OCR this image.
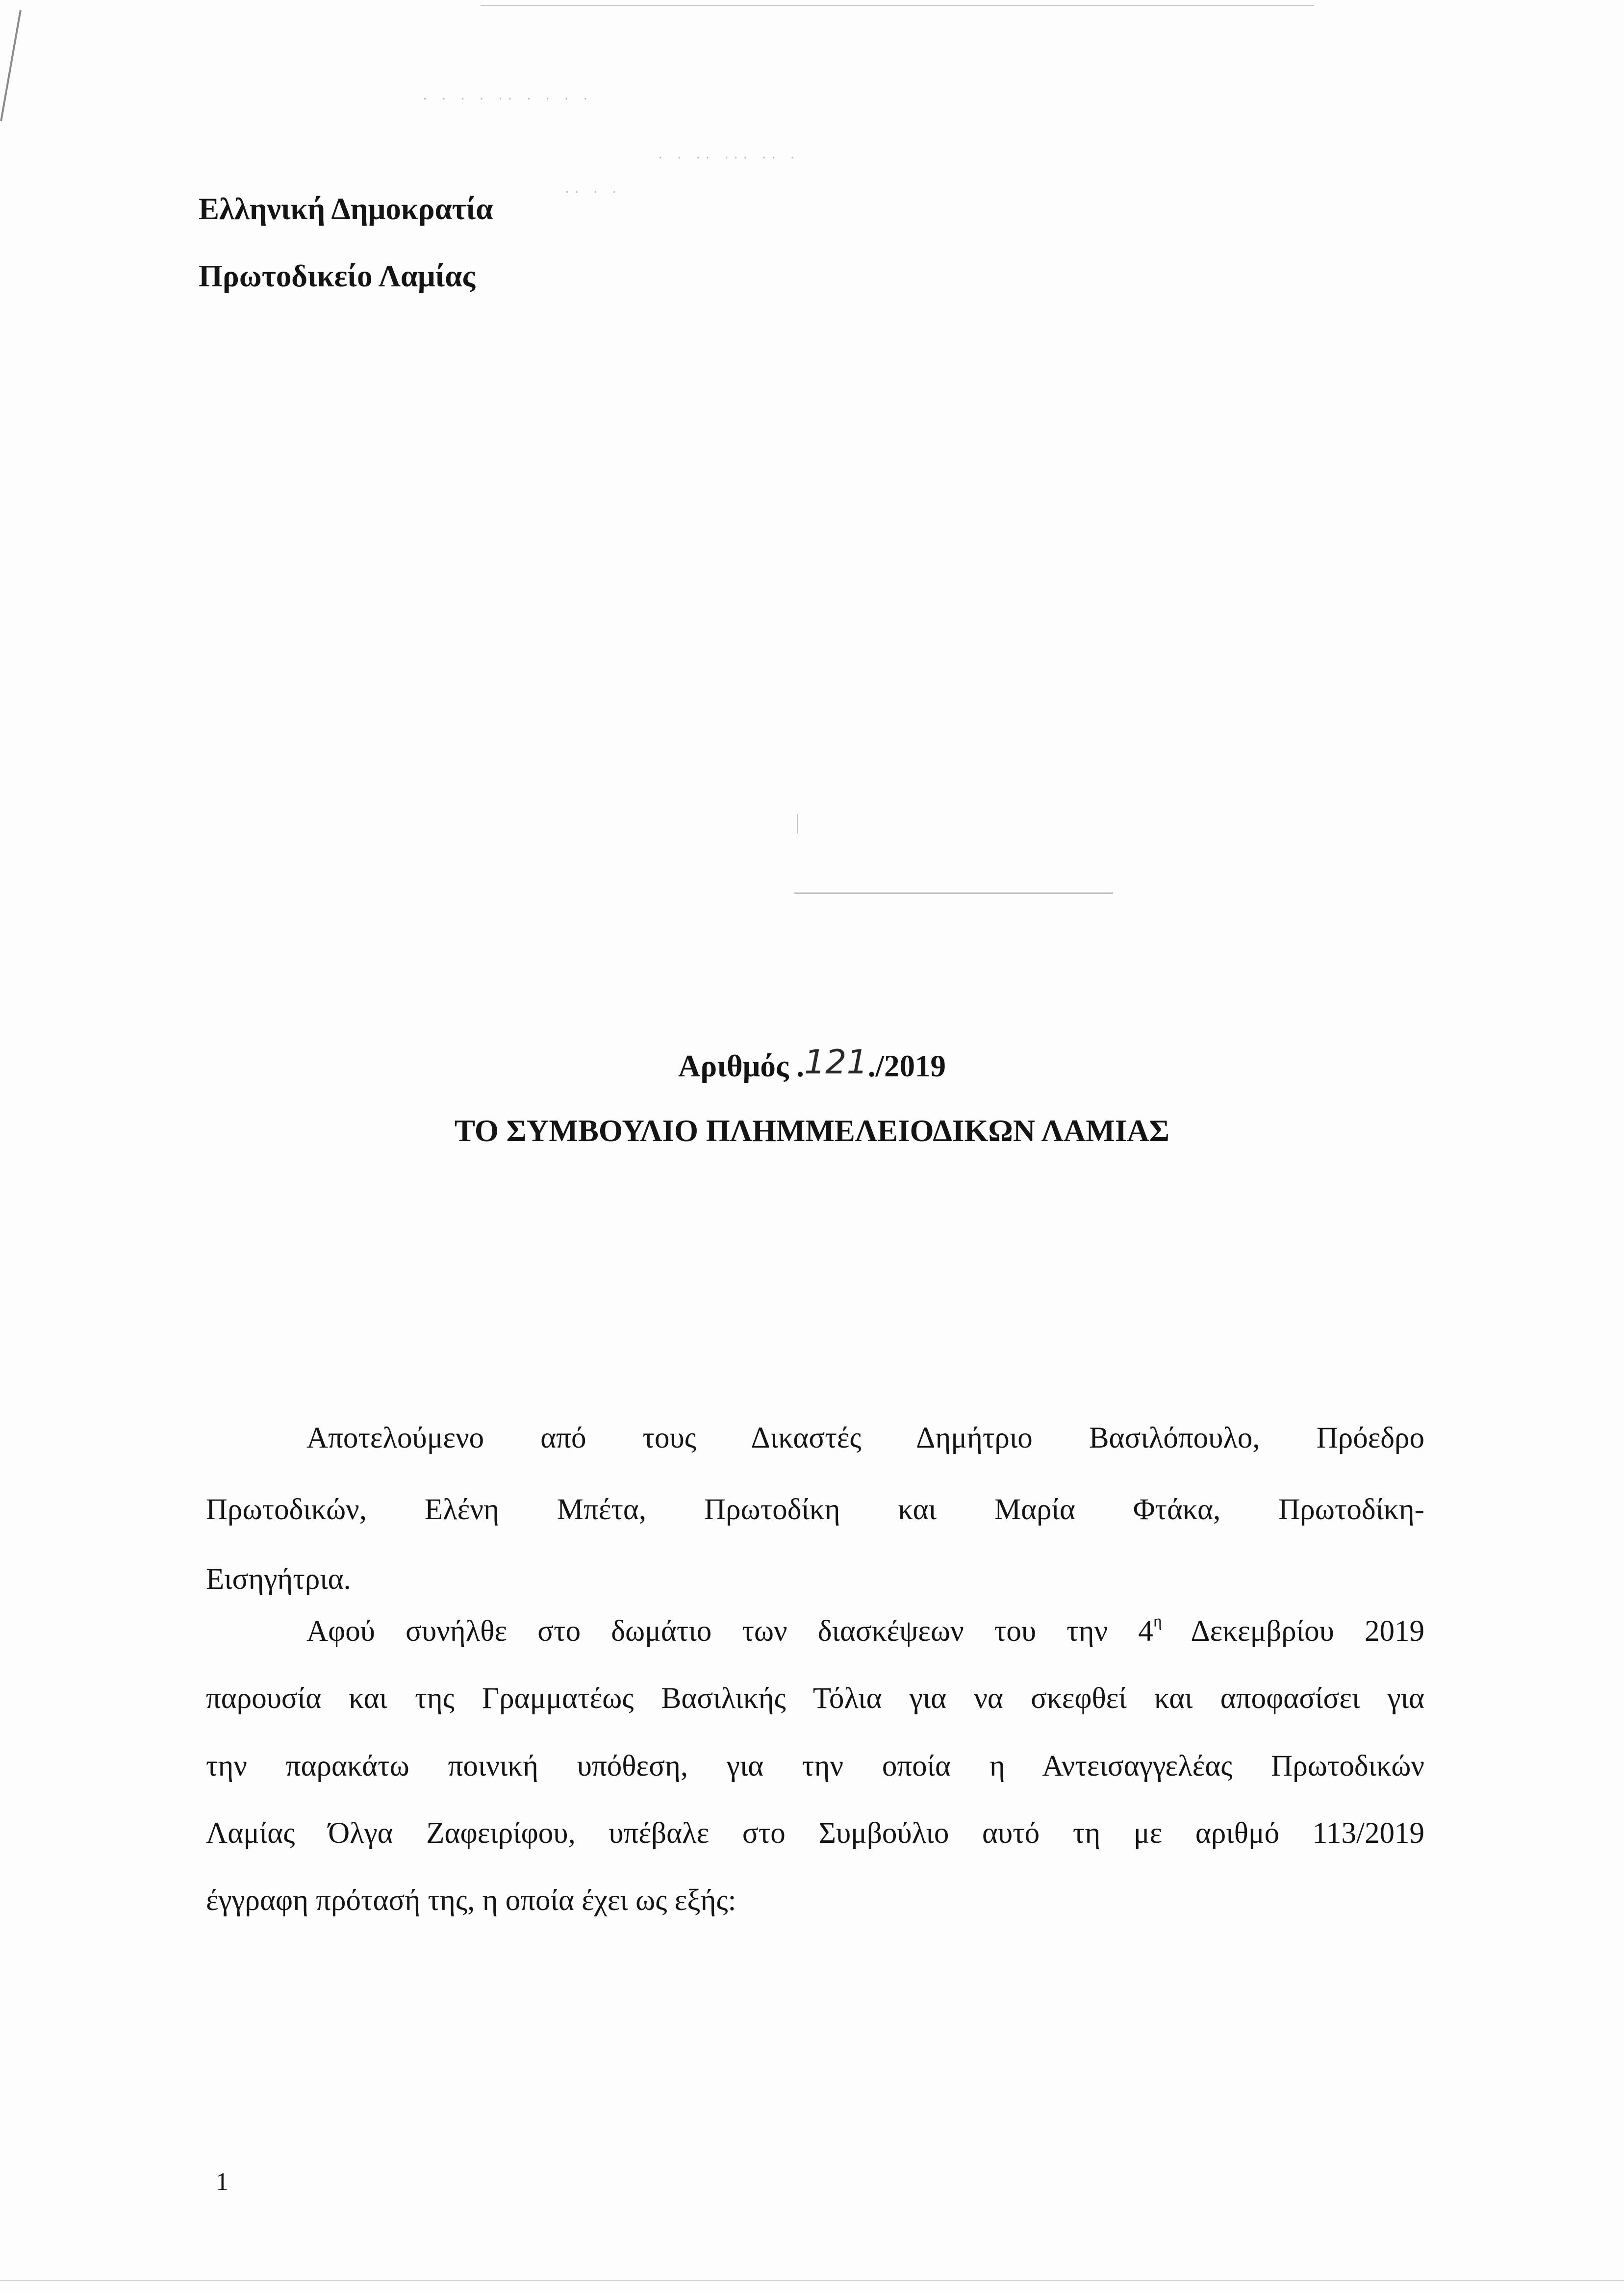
· · · · ·· · · · ·
· · ·· ··· ·· ·
·· · ·
Ελληνική Δημοκρατία
Πρωτοδικείο Λαμίας
Αριθμός .121./2019
ΤΟ ΣΥΜΒΟΥΛΙΟ ΠΛΗΜΜΕΛΕΙΟΔΙΚΩΝ ΛΑΜΙΑΣ
Αποτελούμενο από τους Δικαστές Δημήτριο Βασιλόπουλο, Πρόεδρο
Πρωτοδικών, Ελένη Μπέτα, Πρωτοδίκη και Μαρία Φτάκα, Πρωτοδίκη-
Εισηγήτρια.
Αφού συνήλθε στο δωμάτιο των διασκέψεων του την $4^\eta$ Δεκεμβρίου 2019
παρουσία και της Γραμματέως Βασιλικής Τόλια για να σκεφθεί και αποφασίσει για
την παρακάτω ποινική υπόθεση, για την οποία η Αντεισαγγελέας Πρωτοδικών
Λαμίας Όλγα Ζαφειρίφου, υπέβαλε στο Συμβούλιο αυτό τη με αριθμό 113/2019
έγγραφη πρότασή της, η οποία έχει ως εξής:
1
